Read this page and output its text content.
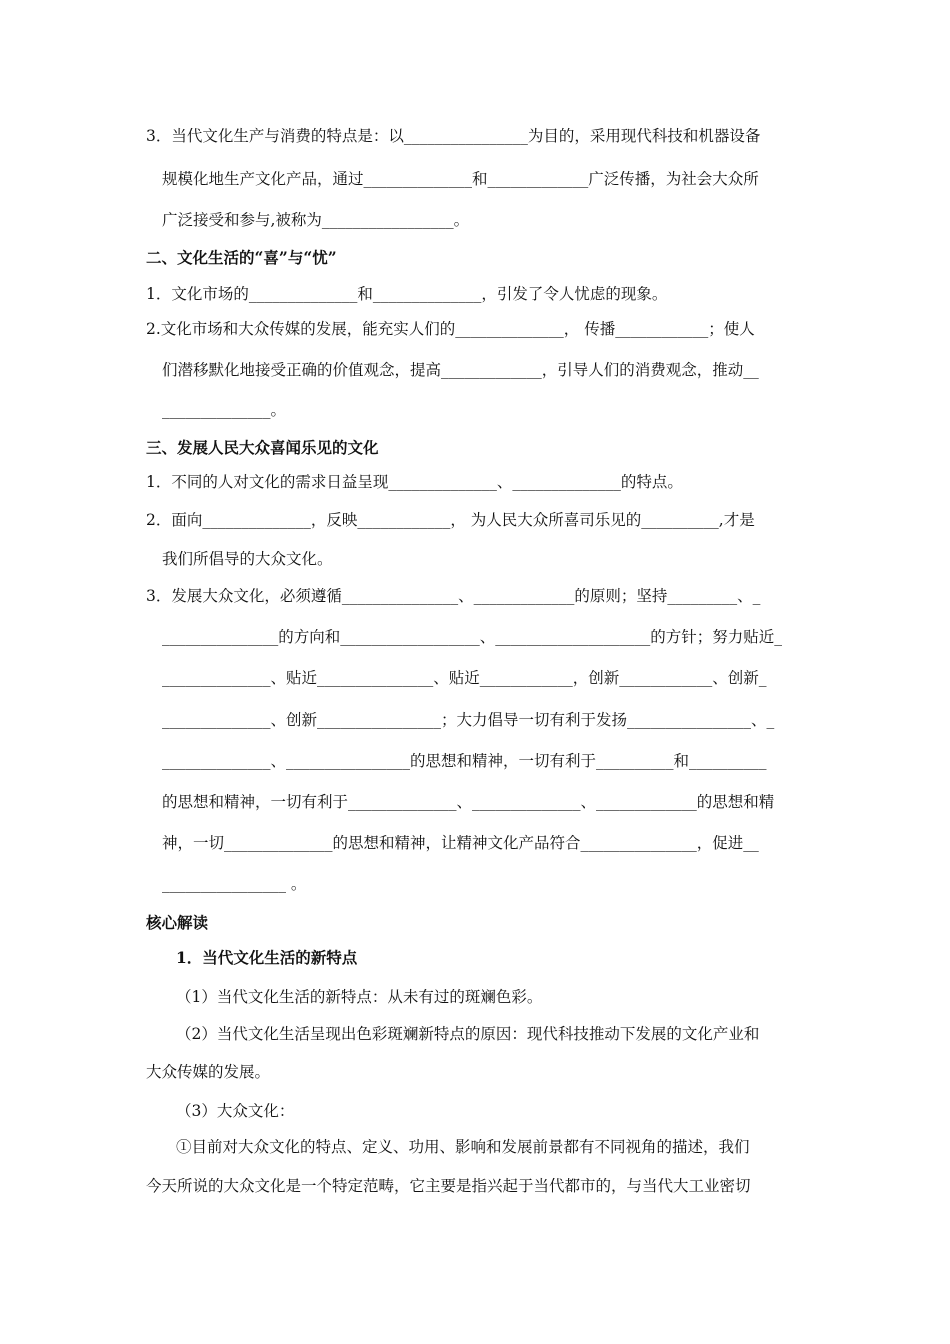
3．当代文化生产与消费的特点是：以________________为目的，采用现代科技和机器设备
规模化地生产文化产品，通过______________和_____________广泛传播，为社会大众所
广泛接受和参与,被称为_________________。
二、文化生活的“喜”与“忧”
1．文化市场的______________和______________，引发了令人忧虑的现象。
2.文化市场和大众传媒的发展，能充实人们的______________， 传播____________；使人
们潜移默化地接受正确的价值观念，提高_____________，引导人们的消费观念，推动__
______________。
三、发展人民大众喜闻乐见的文化
1．不同的人对文化的需求日益呈现______________、______________的特点。
2．面向______________，反映____________， 为人民大众所喜司乐见的__________,才是
我们所倡导的大众文化。
3．发展大众文化，必须遵循_______________、_____________的原则；坚持_________、_
_______________的方向和__________________、____________________的方针；努力贴近_
______________、贴近_______________、贴近____________，创新____________、创新_
______________、创新________________；大力倡导一切有利于发扬________________、_
______________、________________的思想和精神，一切有利于__________和__________
的思想和精神，一切有利于______________、______________、_____________的思想和精
神，一切______________的思想和精神，让精神文化产品符合_______________，促进__
________________ 。
核心解读
1．当代文化生活的新特点
（1）当代文化生活的新特点：从未有过的斑斓色彩。
（2）当代文化生活呈现出色彩斑斓新特点的原因：现代科技推动下发展的文化产业和
大众传媒的发展。
（3）大众文化：
①目前对大众文化的特点、定义、功用、影响和发展前景都有不同视角的描述，我们
今天所说的大众文化是一个特定范畴，它主要是指兴起于当代都市的，与当代大工业密切
